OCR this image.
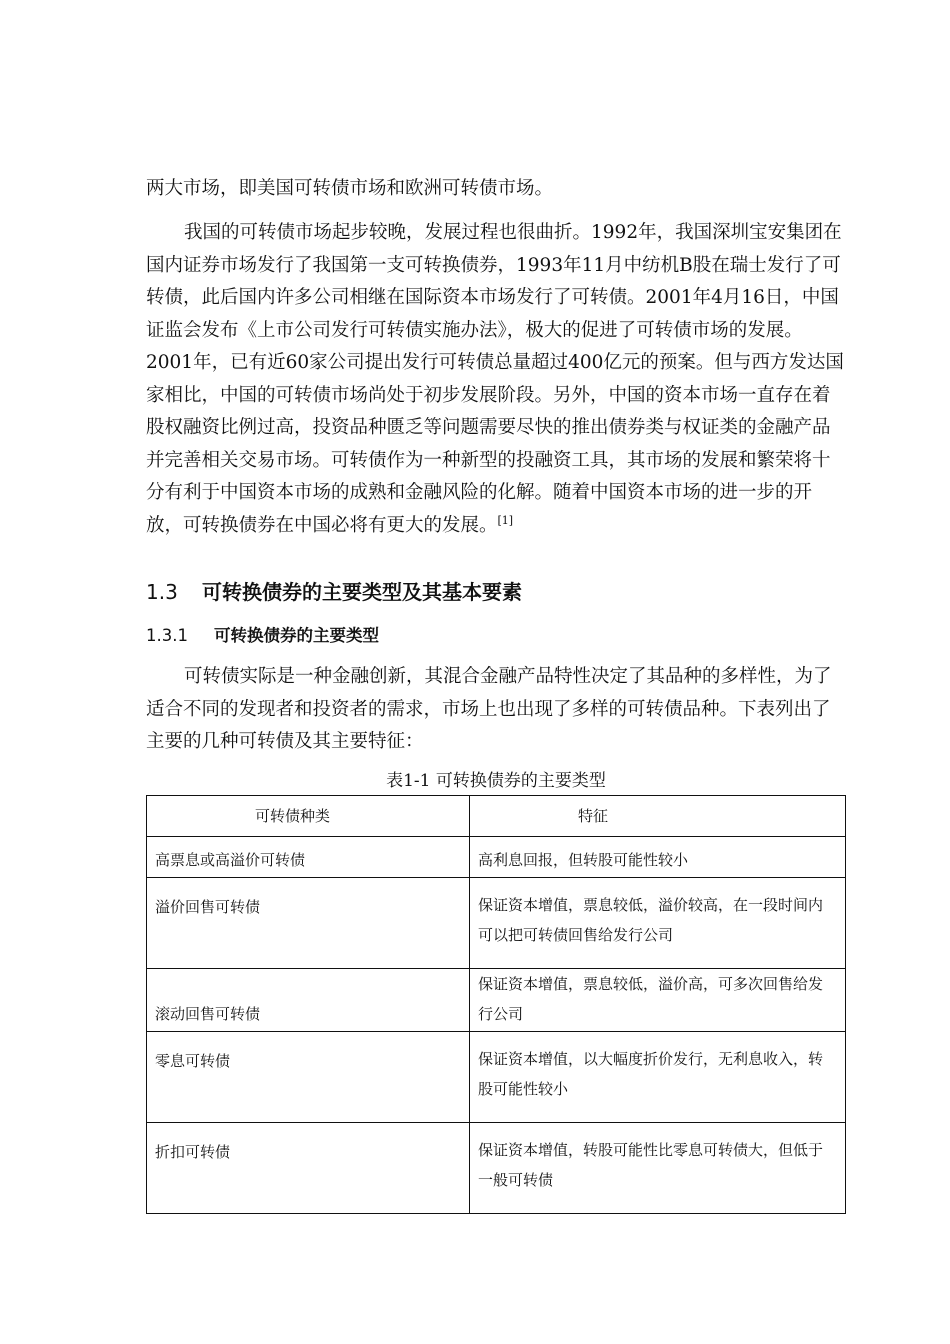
两大市场，即美国可转债市场和欧洲可转债市场。

我国的可转债市场起步较晚，发展过程也很曲折。1992年，我国深圳宝安集团在国内证券市场发行了我国第一支可转换债券，1993年11月中纺机B股在瑞士发行了可转债，此后国内许多公司相继在国际资本市场发行了可转债。2001年4月16日，中国证监会发布《上市公司发行可转债实施办法》，极大的促进了可转债市场的发展。2001年，已有近60家公司提出发行可转债总量超过400亿元的预案。但与西方发达国家相比，中国的可转债市场尚处于初步发展阶段。另外，中国的资本市场一直存在着股权融资比例过高，投资品种匮乏等问题需要尽快的推出债券类与权证类的金融产品并完善相关交易市场。可转债作为一种新型的投融资工具，其市场的发展和繁荣将十分有利于中国资本市场的成熟和金融风险的化解。随着中国资本市场的进一步的开放，可转换债券在中国必将有更大的发展。[1]

1.3 可转换债券的主要类型及其基本要素
1.3.1 可转换债券的主要类型

可转债实际是一种金融创新，其混合金融产品特性决定了其品种的多样性，为了适合不同的发现者和投资者的需求，市场上也出现了多样的可转债品种。下表列出了主要的几种可转债及其主要特征：

表1-1 可转换债券的主要类型

可转债种类	特征
高票息或高溢价可转债	高利息回报，但转股可能性较小
溢价回售可转债	保证资本增值，票息较低，溢价较高，在一段时间内可以把可转债回售给发行公司
滚动回售可转债	保证资本增值，票息较低，溢价高，可多次回售给发行公司
零息可转债	保证资本增值，以大幅度折价发行，无利息收入，转股可能性较小
折扣可转债	保证资本增值，转股可能性比零息可转债大，但低于一般可转债
